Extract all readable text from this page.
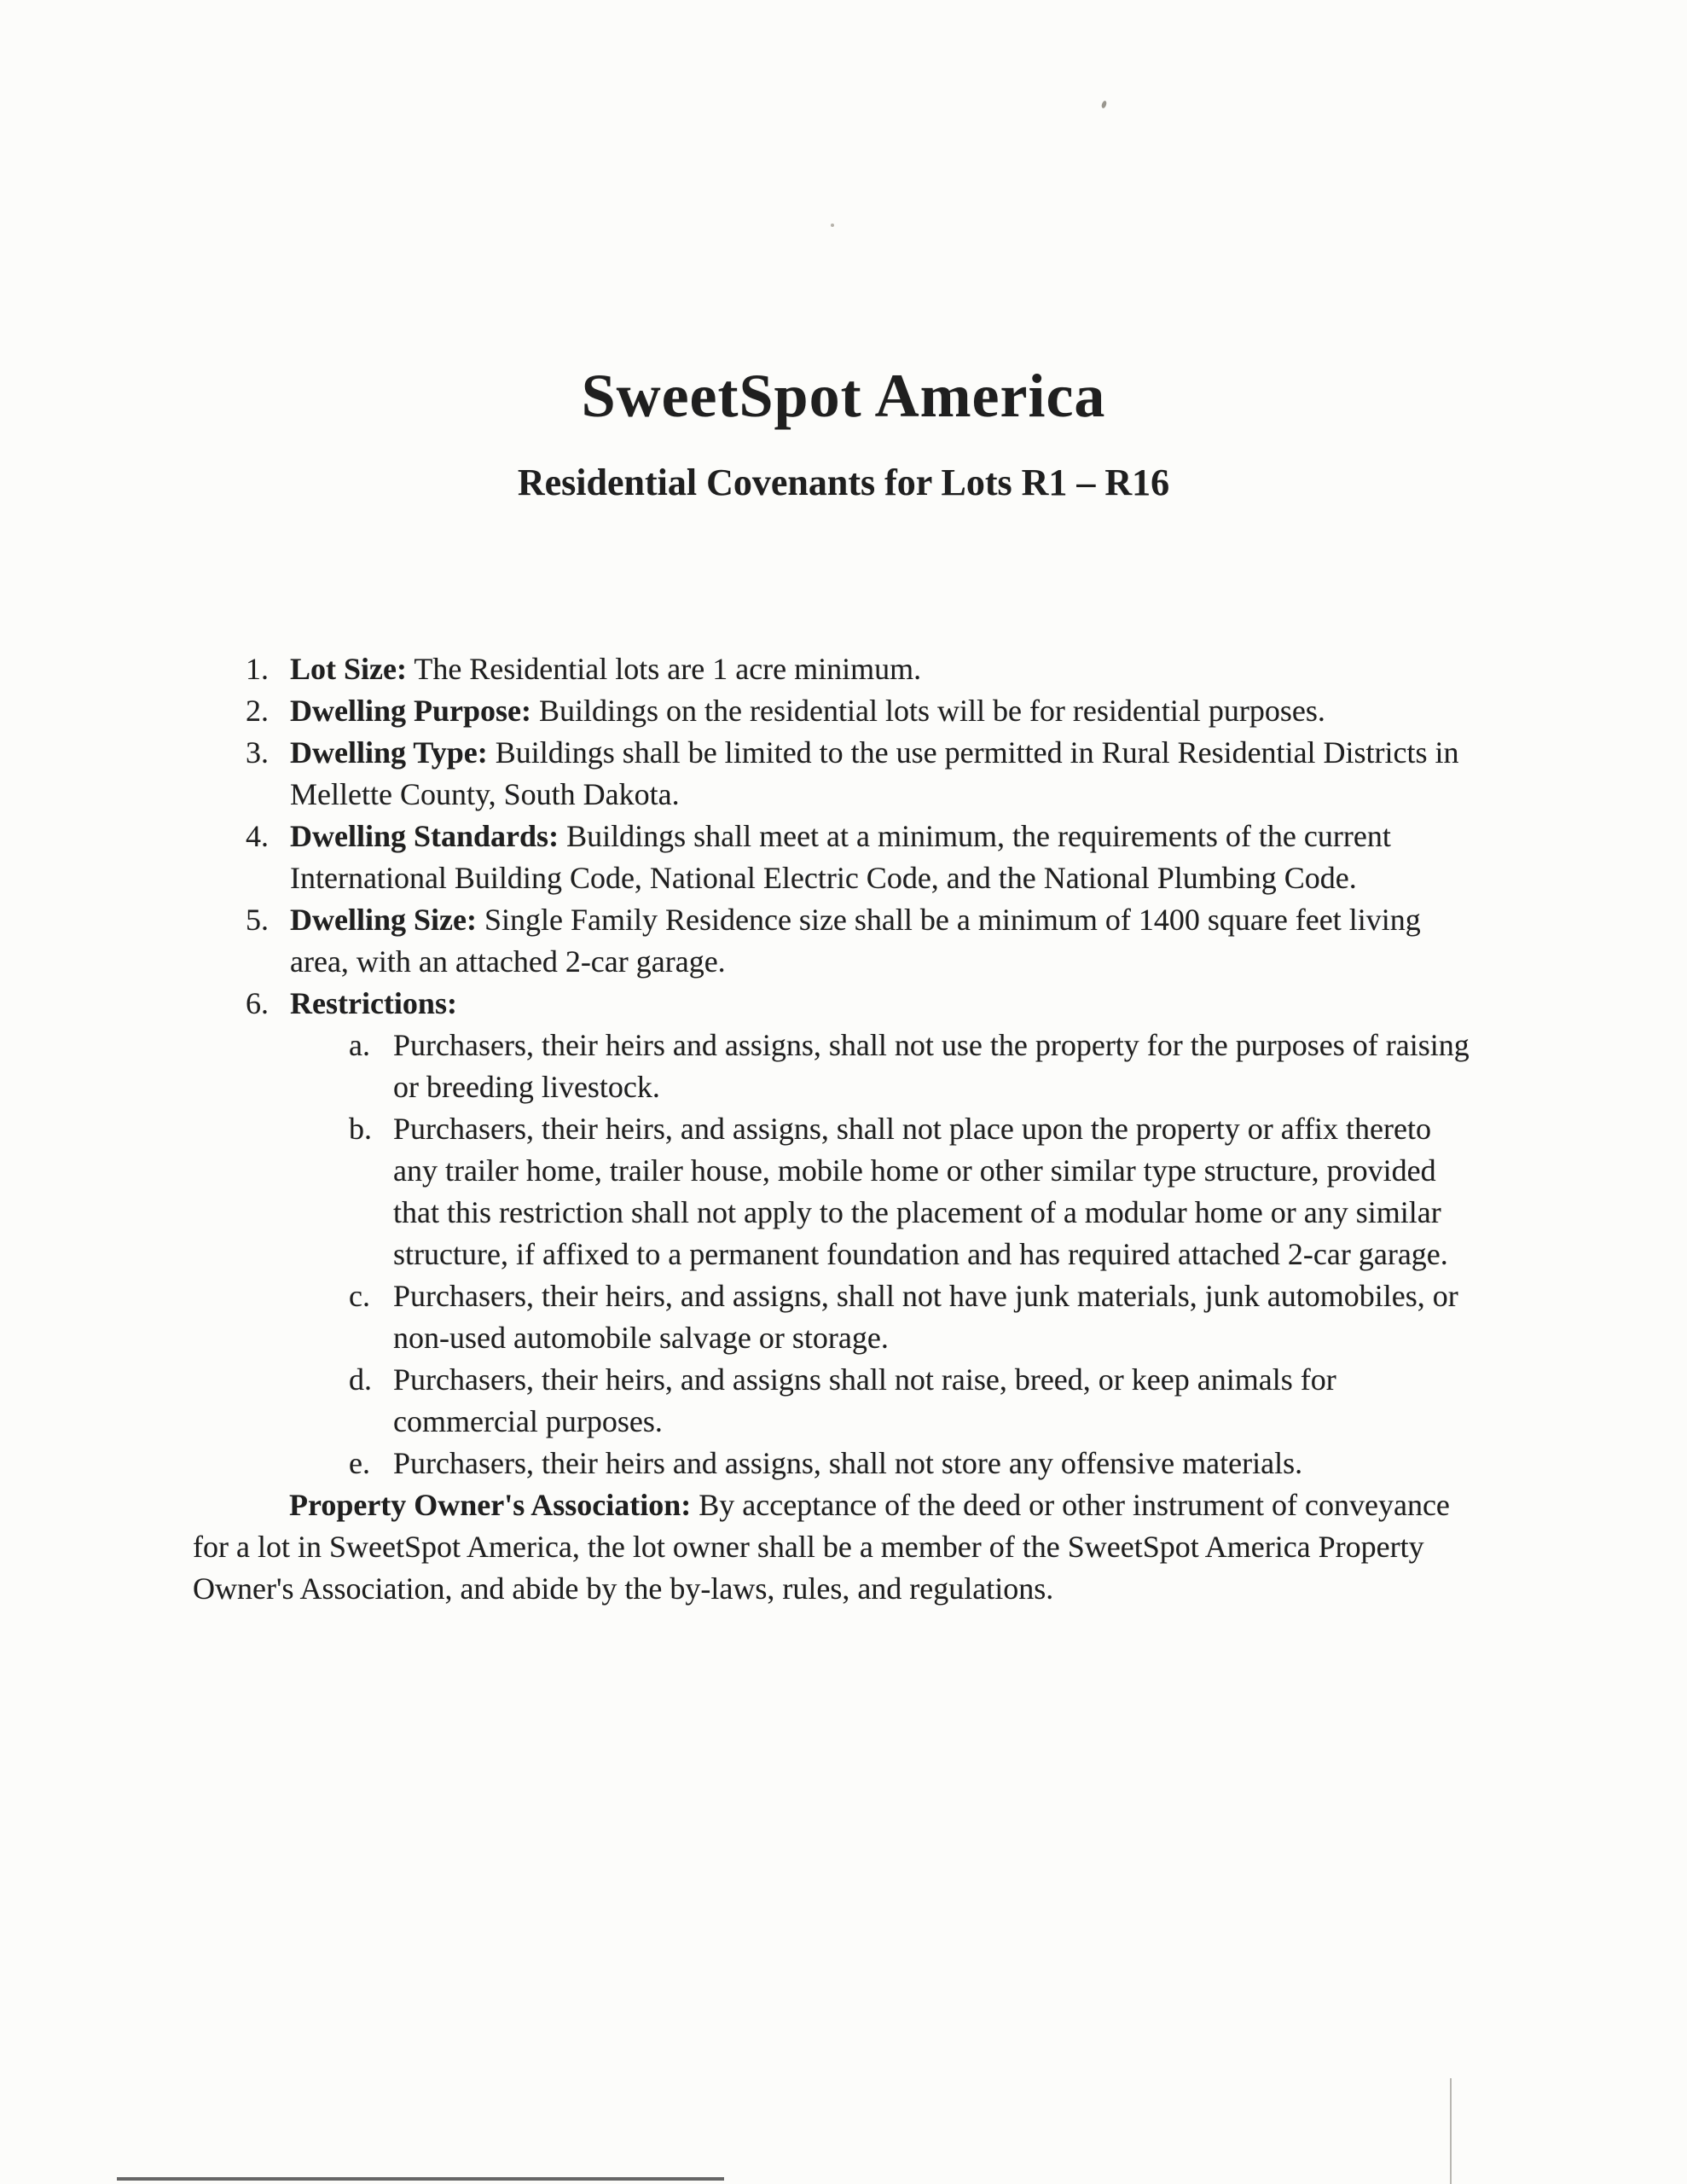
SweetSpot America
Residential Covenants for Lots R1 – R16
1. Lot Size: The Residential lots are 1 acre minimum.
2. Dwelling Purpose: Buildings on the residential lots will be for residential purposes.
3. Dwelling Type: Buildings shall be limited to the use permitted in Rural Residential Districts in Mellette County, South Dakota.
4. Dwelling Standards: Buildings shall meet at a minimum, the requirements of the current International Building Code, National Electric Code, and the National Plumbing Code.
5. Dwelling Size: Single Family Residence size shall be a minimum of 1400 square feet living area, with an attached 2-car garage.
6. Restrictions:
a. Purchasers, their heirs and assigns, shall not use the property for the purposes of raising or breeding livestock.
b. Purchasers, their heirs, and assigns, shall not place upon the property or affix thereto any trailer home, trailer house, mobile home or other similar type structure, provided that this restriction shall not apply to the placement of a modular home or any similar structure, if affixed to a permanent foundation and has required attached 2-car garage.
c. Purchasers, their heirs, and assigns, shall not have junk materials, junk automobiles, or non-used automobile salvage or storage.
d. Purchasers, their heirs, and assigns shall not raise, breed, or keep animals for commercial purposes.
e. Purchasers, their heirs and assigns, shall not store any offensive materials.

Property Owner's Association: By acceptance of the deed or other instrument of conveyance for a lot in SweetSpot America, the lot owner shall be a member of the SweetSpot America Property Owner's Association, and abide by the by-laws, rules, and regulations.
